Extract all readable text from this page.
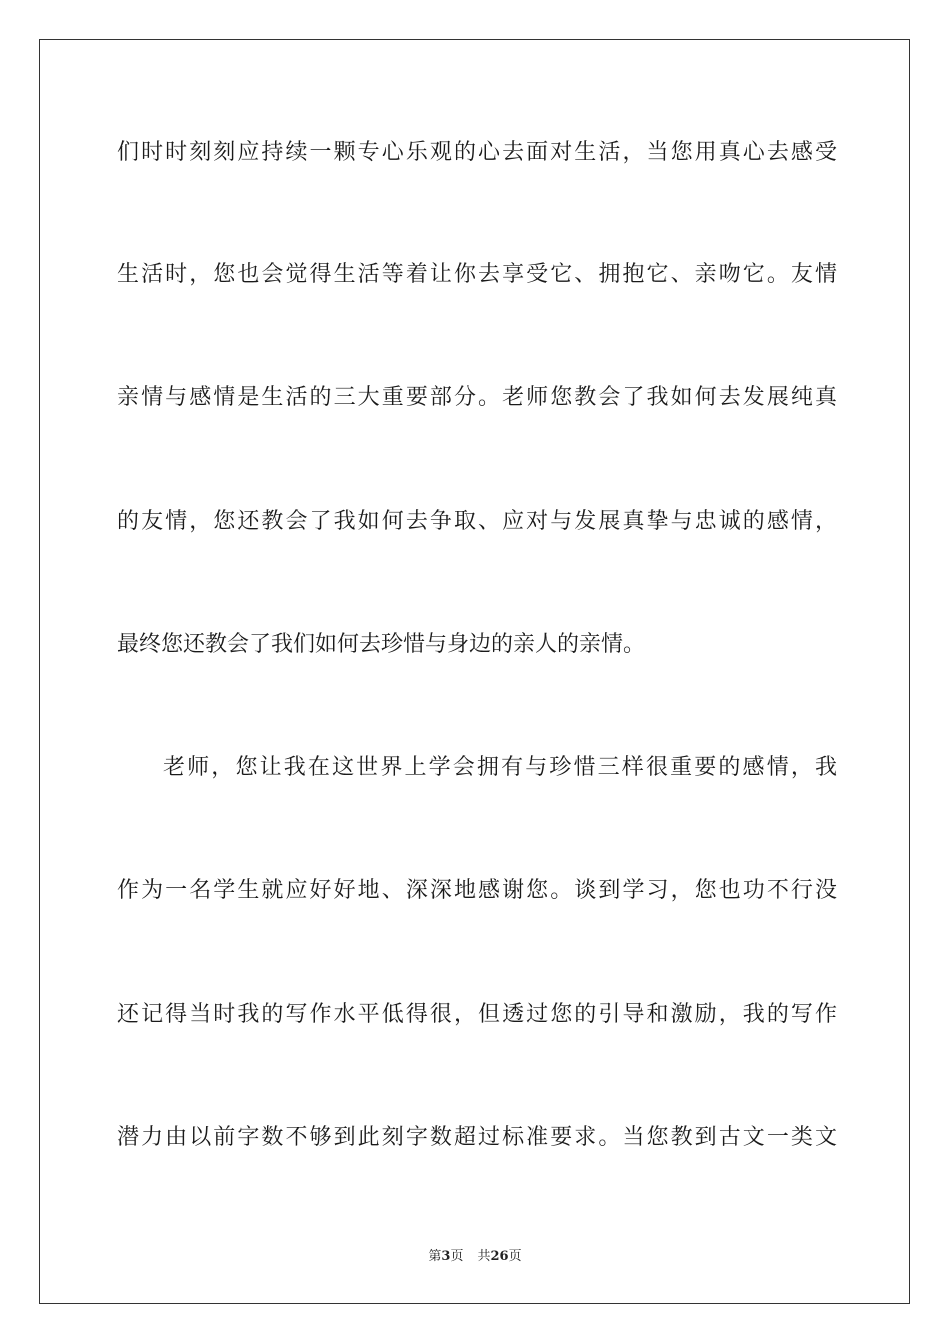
们时时刻刻应持续一颗专心乐观的心去面对生活，当您用真心去感受
生活时，您也会觉得生活等着让你去享受它、拥抱它、亲吻它。友情
亲情与感情是生活的三大重要部分。老师您教会了我如何去发展纯真
的友情，您还教会了我如何去争取、应对与发展真挚与忠诚的感情，
最终您还教会了我们如何去珍惜与身边的亲人的亲情。
老师，您让我在这世界上学会拥有与珍惜三样很重要的感情，我
作为一名学生就应好好地、深深地感谢您。谈到学习，您也功不行没
还记得当时我的写作水平低得很，但透过您的引导和激励，我的写作
潜力由以前字数不够到此刻字数超过标准要求。当您教到古文一类文
第3页 共26页
